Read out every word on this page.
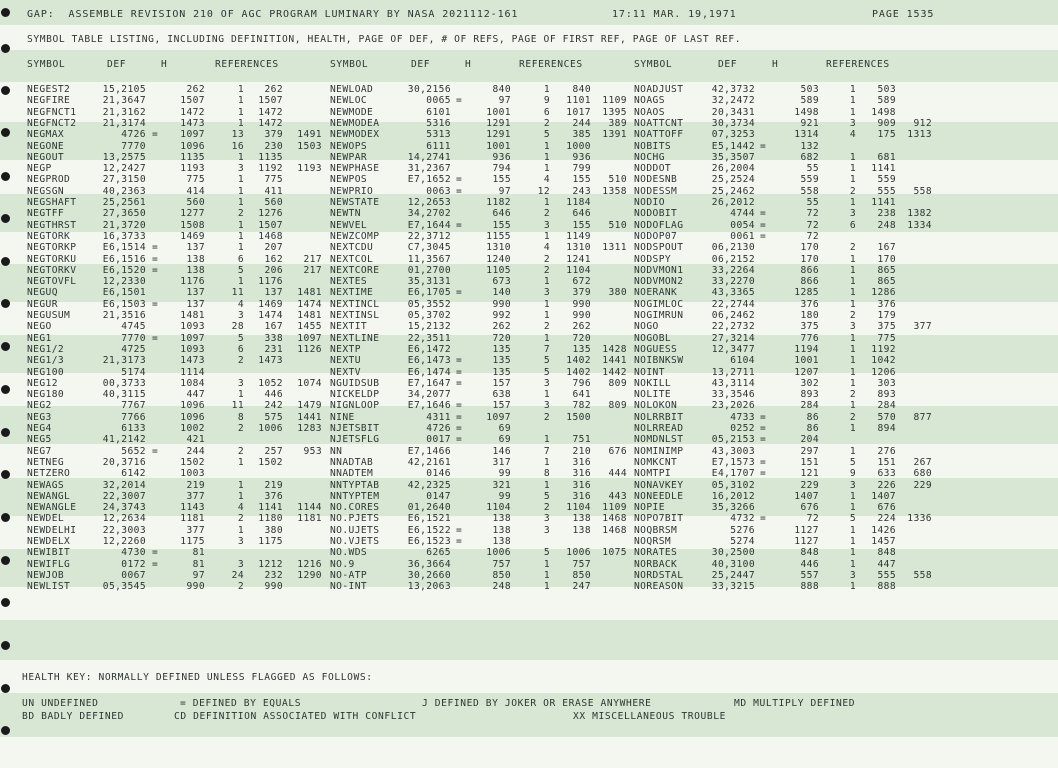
GAP:  ASSEMBLE REVISION 210 OF AGC PROGRAM LUMINARY BY NASA 2021112-161	17:11 MAR. 19,1971	PAGE 1535
SYMBOL TABLE LISTING, INCLUDING DEFINITION, HEALTH, PAGE OF DEF, # OF REFS, PAGE OF FIRST REF, PAGE OF LAST REF.
SYMBOL	DEF	H	REFERENCES	SYMBOL	DEF	H	REFERENCES	SYMBOL	DEF	H	REFERENCES
NEGEST2	15,2105	262	1	262	NEWLOAD	30,2156	840	1	840	NOADJUST	42,3732	503	1	503
NEGFIRE	21,3647	1507	1	1507	NEWLOC	0065 =	97	9	1101	1109 NOAGS	32,2472	589	1	589
NEGFNCT1	21,3162	1472	1	1472	NEWMODE	6101	1001	6	1017	1395 NOAOS	20,3431	1498	1	1498
NEGFNCT2	21,3174	1473	1	1472	NEWMODEA	5316	1291	2	244	389 NOATTCNT	30,3734	921	3	909	912
NEGMAX	4726 =	1097	13	379	1491 NEWMODEX	5313	1291	5	385	1391 NOATTOFF	07,3253	1314	4	175	1313
NEGONE	7770	1096	16	230	1503 NEWOPS	6111	1001	1	1000	NOBITS	E5,1442 =	132
NEGOUT	13,2575	1135	1	1135	NEWPAR	14,2741	936	1	936	NOCHG	35,3507	682	1	681
NEGP	12,2427	1193	3	1192	1193 NEWPHASE	31,2367	794	1	799	NODDOT	26,2004	55	1	1141
NEGPROD	27,3150	775	1	775	NEWPOS	E7,1652 =	155	4	155	510 NODESNB	25,2524	559	1	559
NEGSGN	40,2363	414	1	411	NEWPRIO	0063 =	97	12	243	1358 NODESSM	25,2462	558	2	555	558
NEGSHAFT	25,2561	560	1	560	NEWSTATE	12,2653	1182	1	1184	NODIO	26,2012	55	1	1141
NEGTFF	27,3650	1277	2	1276	NEWTN	34,2702	646	2	646	NODOBIT	4744 =	72	3	238	1382
NEGTHRST	21,3720	1508	1	1507	NEWVEL	E7,1644 =	155	3	155	510 NODOFLAG	0054 =	72	6	248	1334
NEGTORK	16,3733	1469	1	1468	NEWZCOMP	22,3712	1155	1	1149	NODOP07	0061 =	72
NEGTORKP	E6,1514 =	137	1	207	NEXTCDU	C7,3045	1310	4	1310	1311 NODSPOUT	06,2130	170	2	167
NEGTORKU	E6,1516 =	138	6	162	217 NEXTCOL	11,3567	1240	2	1241	NODSPY	06,2152	170	1	170
NEGTORKV	E6,1520 =	138	5	206	217 NEXTCORE	01,2700	1105	2	1104	NODVMON1	33,2264	866	1	865
NEGTOVFL	12,2330	1176	1	1176	NEXTES	35,3131	673	1	672	NODVMON2	33,2270	866	1	865
NEGUQ	E6,1501	137	11	137	1481 NEXTIME	E6,1705 =	140	3	379	380 NOERANK	43,3365	1285	1	1286
NEGUR	E6,1503 =	137	4	1469	1474 NEXTINCL	05,3552	990	1	990	NOGIMLOC	22,2744	376	1	376
NEGUSUM	21,3516	1481	3	1474	1481 NEXTINSL	05,3702	992	1	990	NOGIMRUN	06,2462	180	2	179
NEGO	4745	1093	28	167	1455 NEXTIT	15,2132	262	2	262	NOGO	22,2732	375	3	375	377
NEG1	7770 =	1097	5	338	1097 NEXTLINE	22,3511	720	1	720	NOGOBL	27,3214	776	1	775
NEG1/2	4725	1093	6	231	1126 NEXTP	E6,1472	135	7	135	1428 NOGUESS	12,3477	1194	1	1192
NEG1/3	21,3173	1473	2	1473	NEXTU	E6,1473 =	135	5	1402	1441 NOIBNKSW	6104	1001	1	1042
NEG100	5174	1114	NEXTV	E6,1474 =	135	5	1402	1442 NOINT	13,2711	1207	1	1206
NEG12	00,3733	1084	3	1052	1074 NGUIDSUB	E7,1647 =	157	3	796	809 NOKILL	43,3114	302	1	303
NEG180	40,3115	447	1	446	NICKELDP	34,2077	638	1	641	NOLITE	33,3546	893	2	893
NEG2	7767	1096	11	242	1479 NIGNLOOP	E7,1646 =	157	3	782	809 NOLOKON	23,2026	284	1	284
NEG3	7766	1096	8	575	1441 NINE	4311 =	1097	2	1500	NOLRRBIT	4733 =	86	2	570	877
NEG4	6133	1002	2	1006	1283 NJETSBIT	4726 =	69	NOLRREAD	0252 =	86	1	894
NEG5	41,2142	421	NJETSFLG	0017 =	69	1	751	NOMDNLST	05,2153 =	204
NEG7	5652 =	244	2	257	953 NN	E7,1466	146	7	210	676 NOMINIMP	43,3003	297	1	276
NETNEG	20,3716	1502	1	1502	NNADTAB	42,2161	317	1	316	NOMKCNT	E7,1573 =	151	5	151	267
NETZERO	6142	1003	NNADTEM	0146	99	8	316	444 NOMTPI	E4,1707 =	121	9	633	680
NEWAGS	32,2014	219	1	219	NNTYPTAB	42,2325	321	1	316	NONAVKEY	05,3102	229	3	226	229
NEWANGL	22,3007	377	1	376	NNTYPTEM	0147	99	5	316	443 NONEEDLE	16,2012	1407	1	1407
NEWANGLE	24,3743	1143	4	1141	1144 NO.CORES	01,2640	1104	2	1104	1109 NOPIE	35,3266	676	1	676
NEWDEL	12,2634	1181	2	1180	1181 NO.PJETS	E6,1521	138	3	138	1468 NOPO7BIT	4732 =	72	5	224	1336
NEWDELHI	22,3003	377	1	380	NO.UJETS	E6,1522 =	138	3	138	1468 NOQBRSM	5276	1127	1	1426
NEWDELX	12,2260	1175	3	1175	NO.VJETS	E6,1523 =	138	NOQRSM	5274	1127	1	1457
NEWIBIT	4730 =	81	NO.WDS	6265	1006	5	1006	1075 NORATES	30,2500	848	1	848
NEWIFLG	0172 =	81	3	1212	1216 NO.9	36,3664	757	1	757	NORBACK	40,3100	446	1	447
NEWJOB	0067	97	24	232	1290 NO-ATP	30,2660	850	1	850	NORDSTAL	25,2447	557	3	555	558
NEWLIST	05,3545	990	2	990	NO-INT	13,2063	248	1	247	NOREASON	33,3215	888	1	888
HEALTH KEY: NORMALLY DEFINED UNLESS FLAGGED AS FOLLOWS:
UN UNDEFINED	= DEFINED BY EQUALS	J DEFINED BY JOKER OR ERASE ANYWHERE	MD MULTIPLY DEFINED
BD BADLY DEFINED	CD DEFINITION ASSOCIATED WITH CONFLICT	XX MISCELLANEOUS TROUBLE
